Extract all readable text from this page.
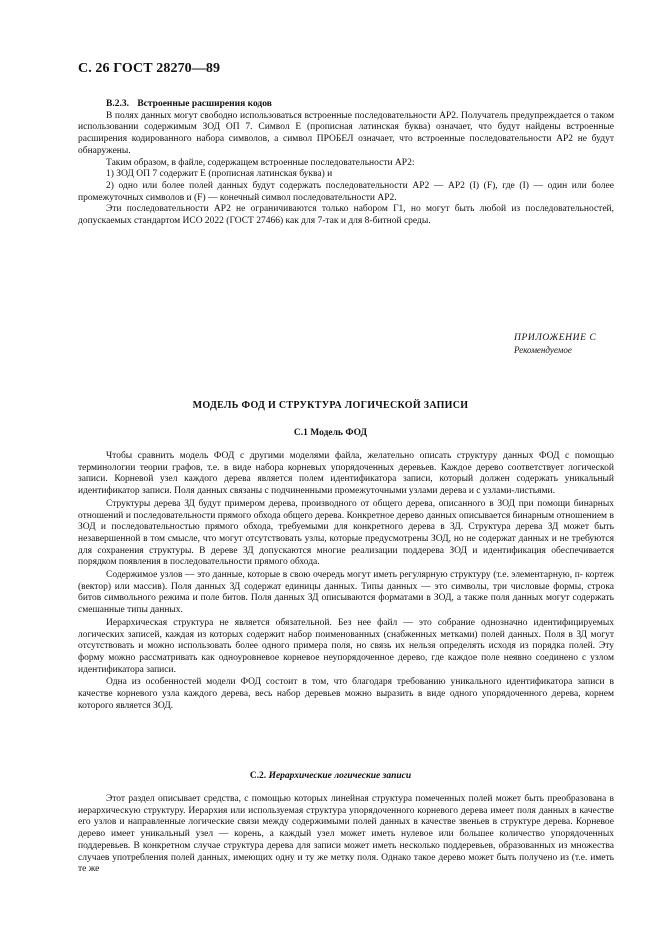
С. 26 ГОСТ 28270—89
В.2.3. Встроенные расширения кодов

В полях данных могут свободно использоваться встроенные последовательности АР2. Получатель предупреждается о таком использовании содержимым ЗОД ОП 7. Символ Е (прописная латинская буква) означает, что будут найдены встроенные расширения кодированного набора символов, а символ ПРОБЕЛ означает, что встроенные последовательности АР2 не будут обнаружены.

Таким образом, в файле, содержащем встроенные последовательности АР2:

1) ЗОД ОП 7 содержит Е (прописная латинская буква) и

2) одно или более полей данных будут содержать последовательности АР2 — АР2 (I) (F), где (I) — один или более промежуточных символов и (F) — конечный символ последовательности АР2.

Эти последовательности АР2 не ограничиваются только набором Г1, но могут быть любой из последовательностей, допускаемых стандартом ИСО 2022 (ГОСТ 27466) как для 7-так и для 8-битной среды.

ПРИЛОЖЕНИЕ С
Рекомендуемое
МОДЕЛЬ ФОД И СТРУКТУРА ЛОГИЧЕСКОЙ ЗАПИСИ
С.1 Модель ФОД

Чтобы сравнить модель ФОД с другими моделями файла, желательно описать структуру данных ФОД с помощью терминологии теории графов, т.е. в виде набора корневых упорядоченных деревьев. Каждое дерево соответствует логической записи. Корневой узел каждого дерева является полем идентификатора записи, который должен содержать уникальный идентификатор записи. Поля данных связаны с подчиненными промежуточными узлами дерева и с узлами-листьями.

Структуры дерева ЗД будут примером дерева, производного от общего дерева, описанного в ЗОД при помощи бинарных отношений и последовательности прямого обхода общего дерева. Конкретное дерево данных описывается бинарным отношением в ЗОД и последовательностью прямого обхода, требуемыми для конкретного дерева в ЗД. Структура дерева ЗД может быть незавершенной в том смысле, что могут отсутствовать узлы, которые предусмотрены ЗОД, но не содержат данных и не требуются для сохранения структуры. В дереве ЗД допускаются многие реализации поддерева ЗОД и идентификация обеспечивается порядком появления в последовательности прямого обхода.

Содержимое узлов — это данные, которые в свою очередь могут иметь регулярную структуру (т.е. элементарную, п- кортеж (вектор) или массив). Поля данных ЗД содержат единицы данных. Типы данных — это символы, три числовые формы, строка битов символьного режима и поле битов. Поля данных ЗД описываются форматами в ЗОД, а также поля данных могут содержать смешанные типы данных.

Иерархическая структура не является обязательной. Без нее файл — это собрание однозначно идентифицируемых логических записей, каждая из которых содержит набор поименованных (снабженных метками) полей данных. Поля в ЗД могут отсутствовать и можно использовать более одного примера поля, но связь их нельзя определять исходя из порядка полей. Эту форму можно рассматривать как одноуровневое корневое неупорядоченное дерево, где каждое поле неявно соединено с узлом идентификатора записи.

Одна из особенностей модели ФОД состоит в том, что благодаря требованию уникального идентификатора записи в качестве корневого узла каждого дерева, весь набор деревьев можно выразить в виде одного упорядоченного дерева, корнем которого является ЗОД.

С.2. Иерархические логические записи

Этот раздел описывает средства, с помощью которых линейная структура помеченных полей может быть преобразована в иерархическую структуру. Иерархия или используемая структура упорядоченного корневого дерева имеет поля данных в качестве его узлов и направленные логические связи между содержимыми полей данных в качестве звеньев в структуре дерева. Корневое дерево имеет уникальный узел — корень, а каждый узел может иметь нулевое или большее количество упорядоченных поддеревьев. В конкретном случае структура дерева для записи может иметь несколько поддеревьев, образованных из множества случаев употребления полей данных, имеющих одну и ту же метку поля. Однако такое дерево может быть получено из (т.е. иметь те же
